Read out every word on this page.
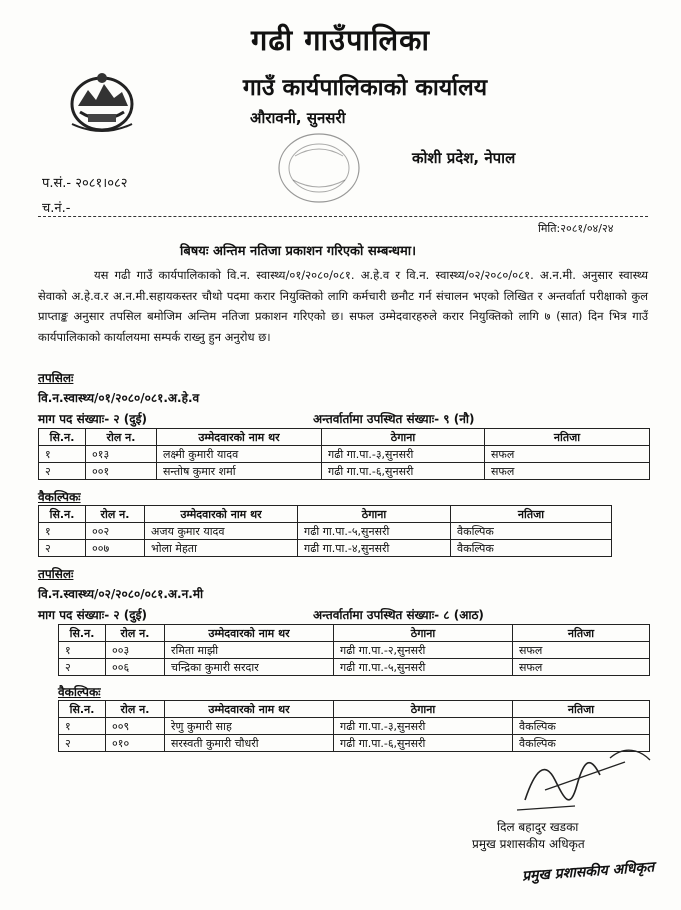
गढी गाउँपालिका
गाउँ कार्यपालिकाको कार्यालय
औरावनी, सुनसरी
कोशी प्रदेश, नेपाल
प.सं.- २०८१।०८२
च.नं.-
मिति:२०८१/०४/२४
बिषयः अन्तिम नतिजा प्रकाशन गरिएको सम्बन्धमा।
यस गढी गाउँ कार्यपालिकाको वि.न. स्वास्थ्य/०१/२०८०/०८१. अ.हे.व र वि.न. स्वास्थ्य/०२/२०८०/०८१. अ.न.मी. अनुसार स्वास्थ्य सेवाको अ.हे.व.र अ.न.मी.सहायकस्तर चौथो पदमा करार नियुक्तिको लागि कर्मचारी छनौट गर्न संचालन भएको लिखित र अन्तर्वार्ता परीक्षाको कुल प्राप्ताङ्क अनुसार तपसिल बमोजिम अन्तिम नतिजा प्रकाशन गरिएको छ। सफल उम्मेदवारहरुले करार नियुक्तिको लागि ७ (सात) दिन भित्र गाउँ कार्यपालिकाको कार्यालयमा सम्पर्क राख्नु हुन अनुरोध छ।
तपसिलः
वि.न.स्वास्थ्य/०१/२०८०/०८१.अ.हे.व
माग पद संख्याः- २ (दुई)	अन्तर्वार्तामा उपस्थित संख्याः- ९ (नौ)
सि.न.	रोल न.	उम्मेदवारको नाम थर	ठेगाना	नतिजा
१	०१३	लक्ष्मी कुमारी यादव	गढी गा.पा.-३,सुनसरी	सफल
२	००१	सन्तोष कुमार शर्मा	गढी गा.पा.-६,सुनसरी	सफल
वैकल्पिकः
सि.न.	रोल न.	उम्मेदवारको नाम थर	ठेगाना	नतिजा
१	००२	अजय कुमार यादव	गढी गा.पा.-५,सुनसरी	वैकल्पिक
२	००७	भोला मेहता	गढी गा.पा.-४,सुनसरी	वैकल्पिक
तपसिलः
वि.न.स्वास्थ्य/०२/२०८०/०८१.अ.न.मी
माग पद संख्याः- २ (दुई)	अन्तर्वार्तामा उपस्थित संख्याः- ८ (आठ)
सि.न.	रोल न.	उम्मेदवारको नाम थर	ठेगाना	नतिजा
१	००३	रमिता माझी	गढी गा.पा.-२,सुनसरी	सफल
२	००६	चन्द्रिका कुमारी सरदार	गढी गा.पा.-५,सुनसरी	सफल
वैकल्पिकः
सि.न.	रोल न.	उम्मेदवारको नाम थर	ठेगाना	नतिजा
१	००९	रेणु कुमारी साह	गढी गा.पा.-३,सुनसरी	वैकल्पिक
२	०१०	सरस्वती कुमारी चौधरी	गढी गा.पा.-६,सुनसरी	वैकल्पिक
दिल बहादुर खडका
प्रमुख प्रशासकीय अधिकृत
प्रमुख प्रशासकीय अधिकृत
